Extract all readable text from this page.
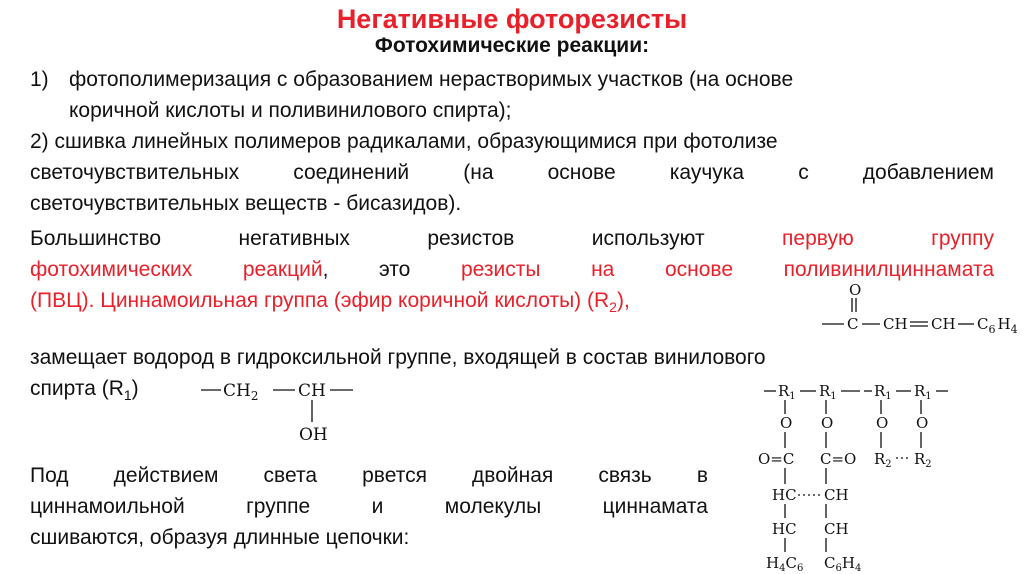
Негативные фоторезисты
Фотохимические реакции:
1) фотополимеризация с образованием нерастворимых участков (на основе
коричной кислоты и поливинилового спирта);
2) сшивка линейных полимеров радикалами, образующимися при фотолизе
светочувствительных соединений (на основе каучука с добавлением
светочувствительных веществ - бисазидов).
Большинство негативных резистов используют	первую группу
фотохимических реакций, это резисты на основе поливинилциннамата
(ПВЦ). Циннамоильная группа (эфир коричной кислоты) $(R_2)$,	O
C CH CH $C_6$ $H_4$
замещает водород в гидроксильной группе, входящей в состав винилового
спирта $(R_1)$	$CH_2$ CH
OH
Под действием света рвется двойная связь в
циннамоильной группе и молекулы циннамата
сшиваются, образуя длинные цепочки:
$R_1$ $R_1$ $R_1$ $R_1$
O
O=C
HC
HC
$H_4C_6$
O
C=O
CH
CH
$C_6H_4$
O
$R_2$ $R_2$
O
